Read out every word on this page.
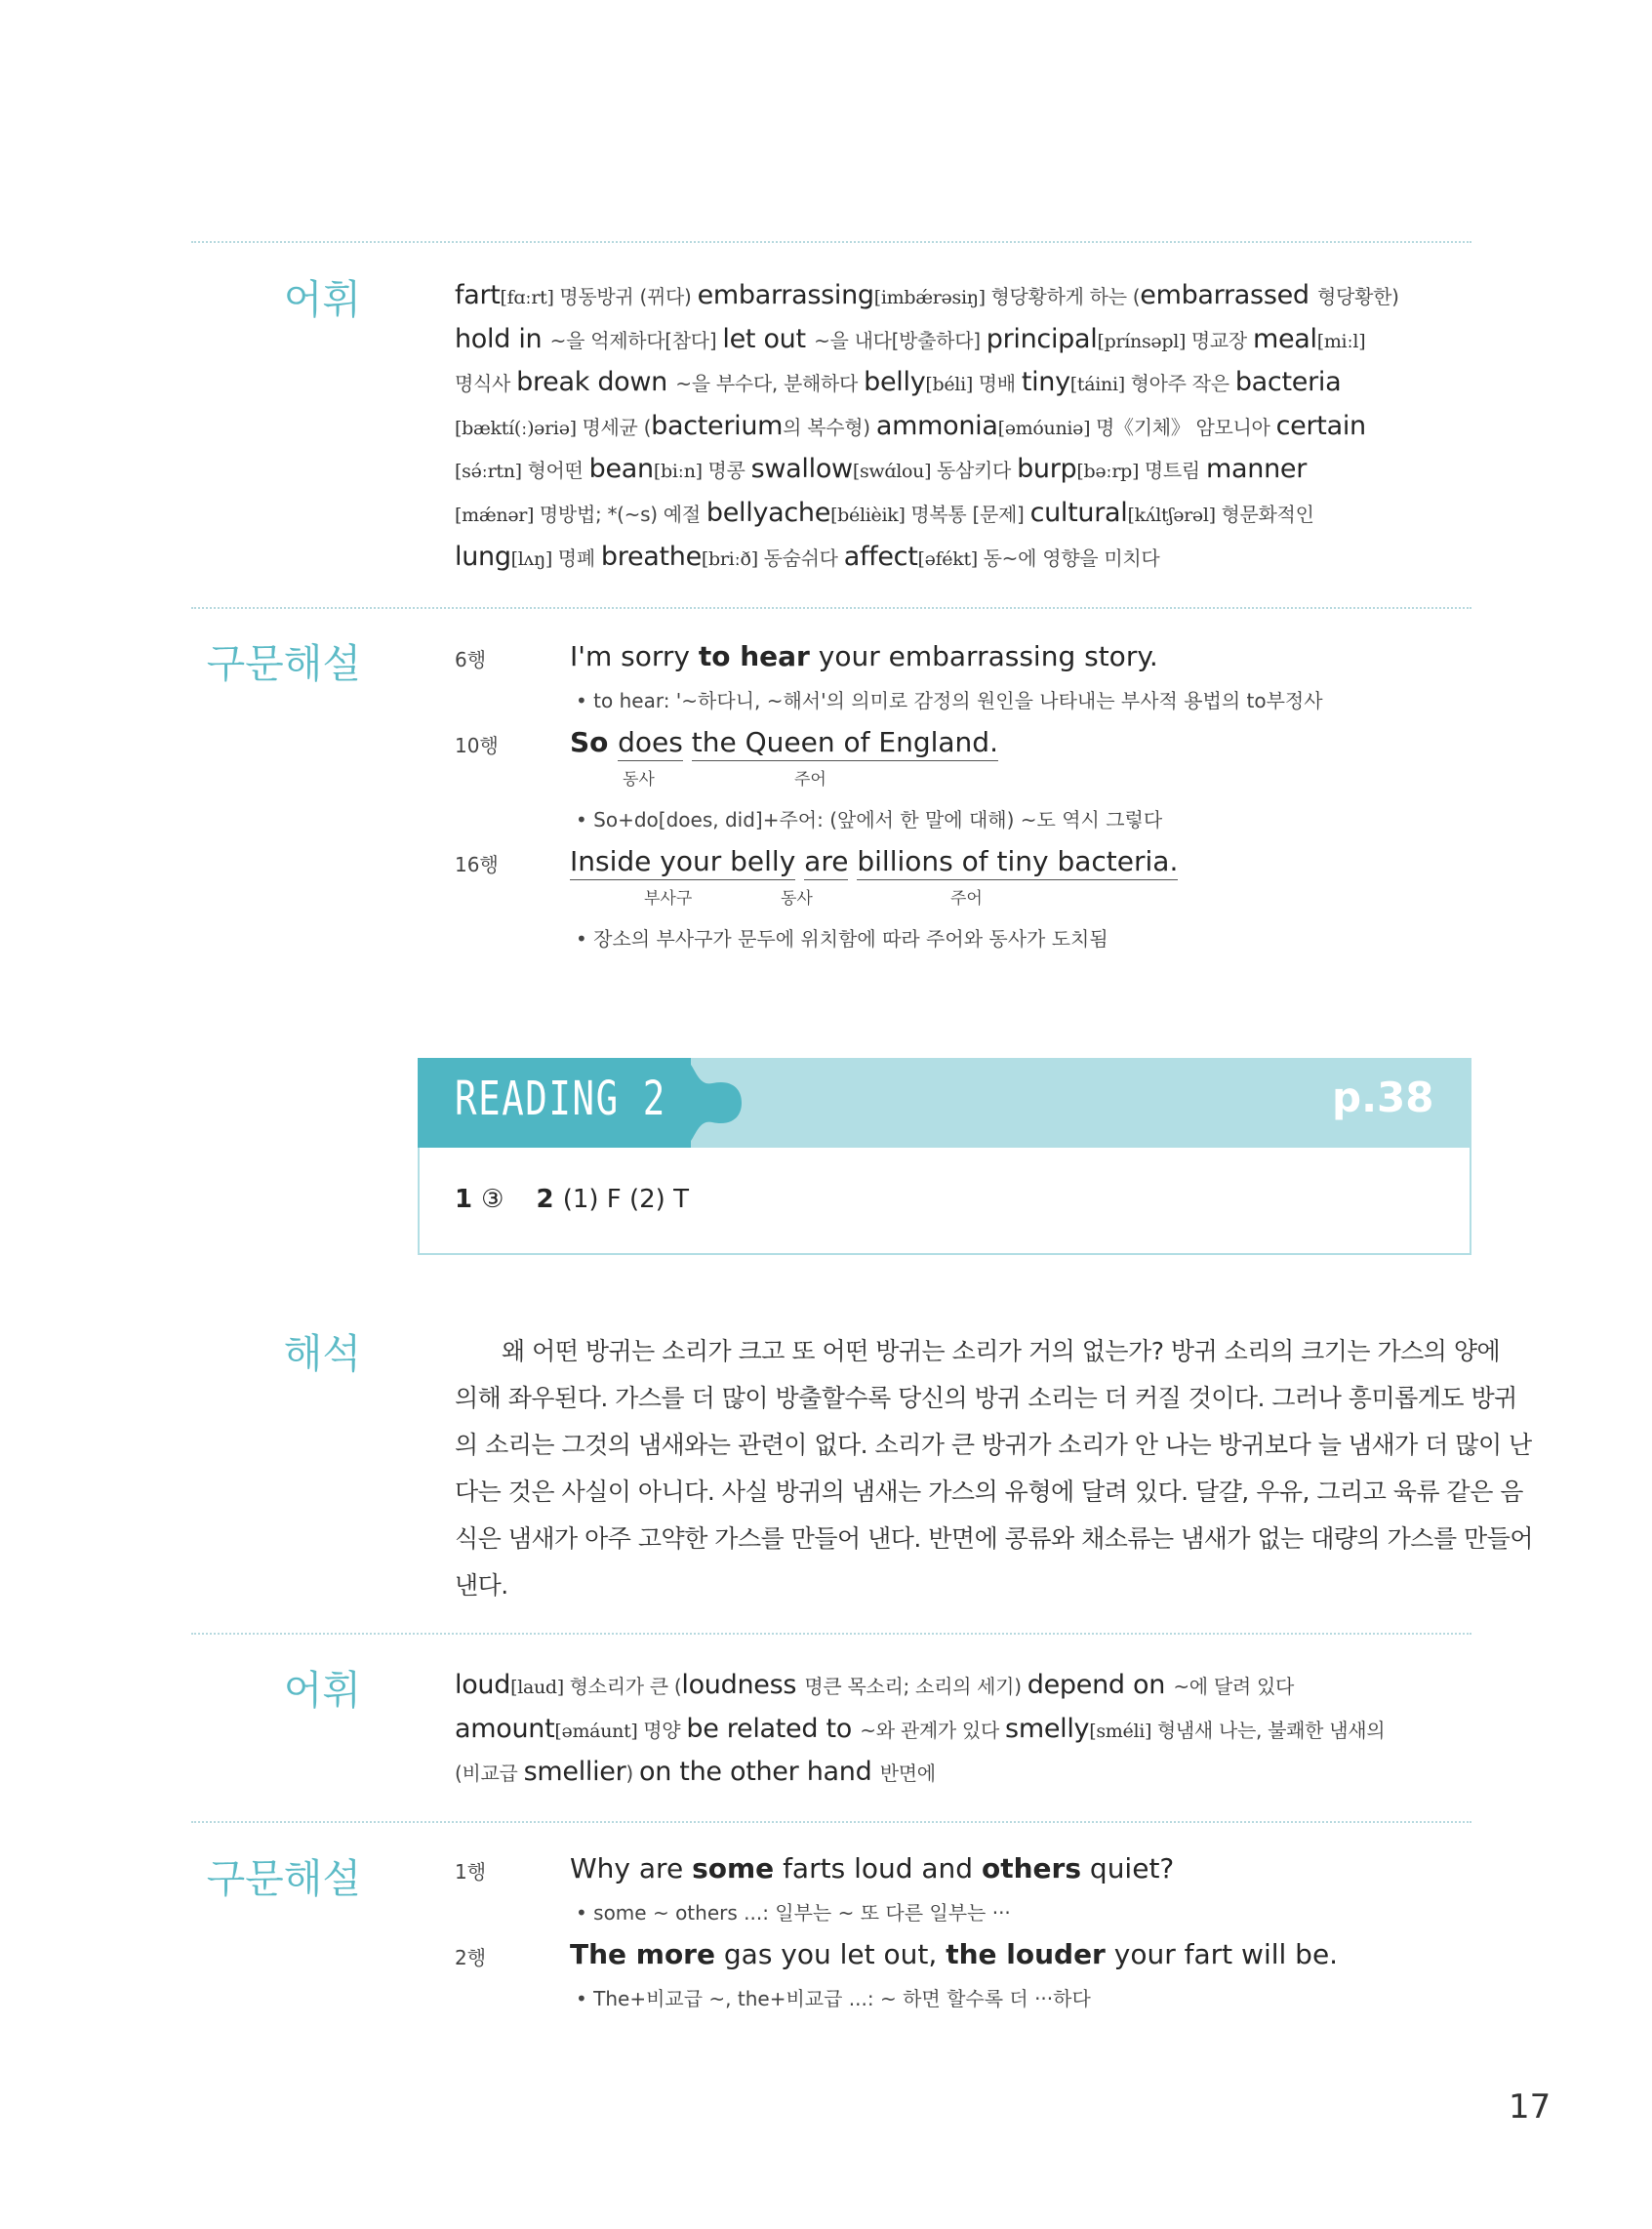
어휘	fart[fɑːrt] 명동방귀 (뀌다) embarrassing[imbǽrəsiŋ] 형당황하게 하는 (embarrassed 형당황한)
hold in ~을 억제하다[참다] let out ~을 내다[방출하다] principal[prínsəpl] 명교장 meal[miːl]
명식사 break down ~을 부수다, 분해하다 belly[béli] 명배 tiny[táini] 형아주 작은 bacteria
[bæktí(ː)əriə] 명세균 (bacterium의 복수형) ammonia[əmóuniə] 명《기체》 암모니아 certain
[sə́ːrtn] 형어떤 bean[biːn] 명콩 swallow[swɑ́lou] 동삼키다 burp[bəːrp] 명트림 manner
[mǽnər] 명방법; *(~s) 예절 bellyache[bélièik] 명복통 [문제] cultural[kʌ́ltʃərəl] 형문화적인
lung[lʌŋ] 명폐 breathe[briːð] 동숨쉬다 affect[əfékt] 동~에 영향을 미치다
구문해설	6행	I'm sorry to hear your embarrassing story.
• to hear: '~하다니, ~해서'의 의미로 감정의 원인을 나타내는 부사적 용법의 to부정사
10행	So does the Queen of England.
동사	주어
• So+do[does, did]+주어: (앞에서 한 말에 대해) ~도 역시 그렇다
16행	Inside your belly are billions of tiny bacteria.
부사구	동사	주어
• 장소의 부사구가 문두에 위치함에 따라 주어와 동사가 도치됨
READING 2	p.38
1 ③ 2 (1) F (2) T
해석	왜 어떤 방귀는 소리가 크고 또 어떤 방귀는 소리가 거의 없는가? 방귀 소리의 크기는 가스의 양에
의해 좌우된다. 가스를 더 많이 방출할수록 당신의 방귀 소리는 더 커질 것이다. 그러나 흥미롭게도 방귀
의 소리는 그것의 냄새와는 관련이 없다. 소리가 큰 방귀가 소리가 안 나는 방귀보다 늘 냄새가 더 많이 난
다는 것은 사실이 아니다. 사실 방귀의 냄새는 가스의 유형에 달려 있다. 달걀, 우유, 그리고 육류 같은 음
식은 냄새가 아주 고약한 가스를 만들어 낸다. 반면에 콩류와 채소류는 냄새가 없는 대량의 가스를 만들어
낸다.
어휘	loud[laud] 형소리가 큰 (loudness 명큰 목소리; 소리의 세기) depend on ~에 달려 있다
amount[əmáunt] 명양 be related to ~와 관계가 있다 smelly[sméli] 형냄새 나는, 불쾌한 냄새의
(비교급 smellier) on the other hand 반면에
구문해설	1행	Why are some farts loud and others quiet?
• some ~ others ...: 일부는 ~ 또 다른 일부는 ···
2행	The more gas you let out, the louder your fart will be.
• The+비교급 ~, the+비교급 ...: ~ 하면 할수록 더 ···하다
17
